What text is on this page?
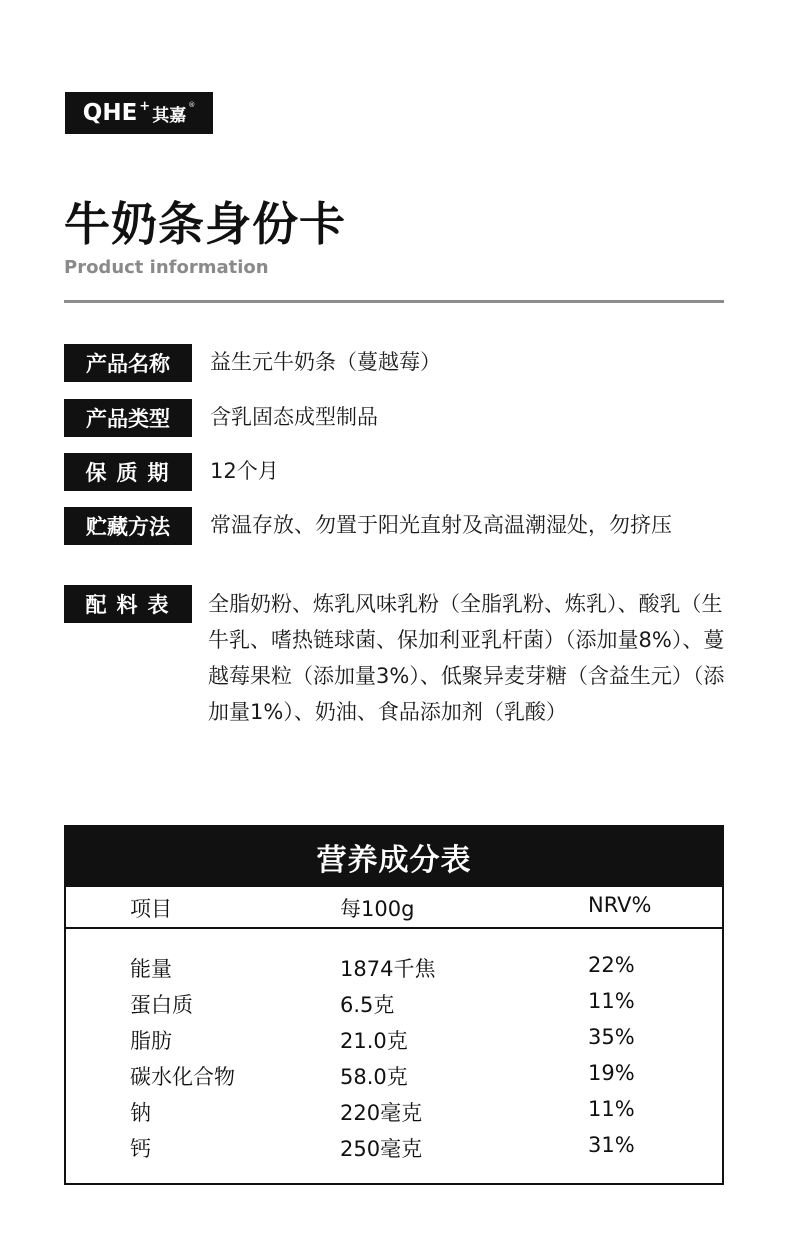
QHE + 其嘉
®
牛奶条身份卡
Product information
产品名称	益生元牛奶条（蔓越莓）
产品类型	含乳固态成型制品
保质期	12个月
贮藏方法	常温存放、勿置于阳光直射及高温潮湿处，勿挤压
配料表	全脂奶粉、炼乳风味乳粉（全脂乳粉、炼乳）、酸乳（生牛乳、嗜热链球菌、保加利亚乳杆菌）（添加量8%）、蔓越莓果粒（添加量3%）、低聚异麦芽糖（含益生元）（添加量1%）、奶油、食品添加剂（乳酸）
营养成分表
项目	每100g	NRV%
能量	1874千焦	22%
蛋白质	6.5克	11%
脂肪	21.0克	35%
碳水化合物	58.0克	19%
钠	220毫克	11%
钙	250毫克	31%
